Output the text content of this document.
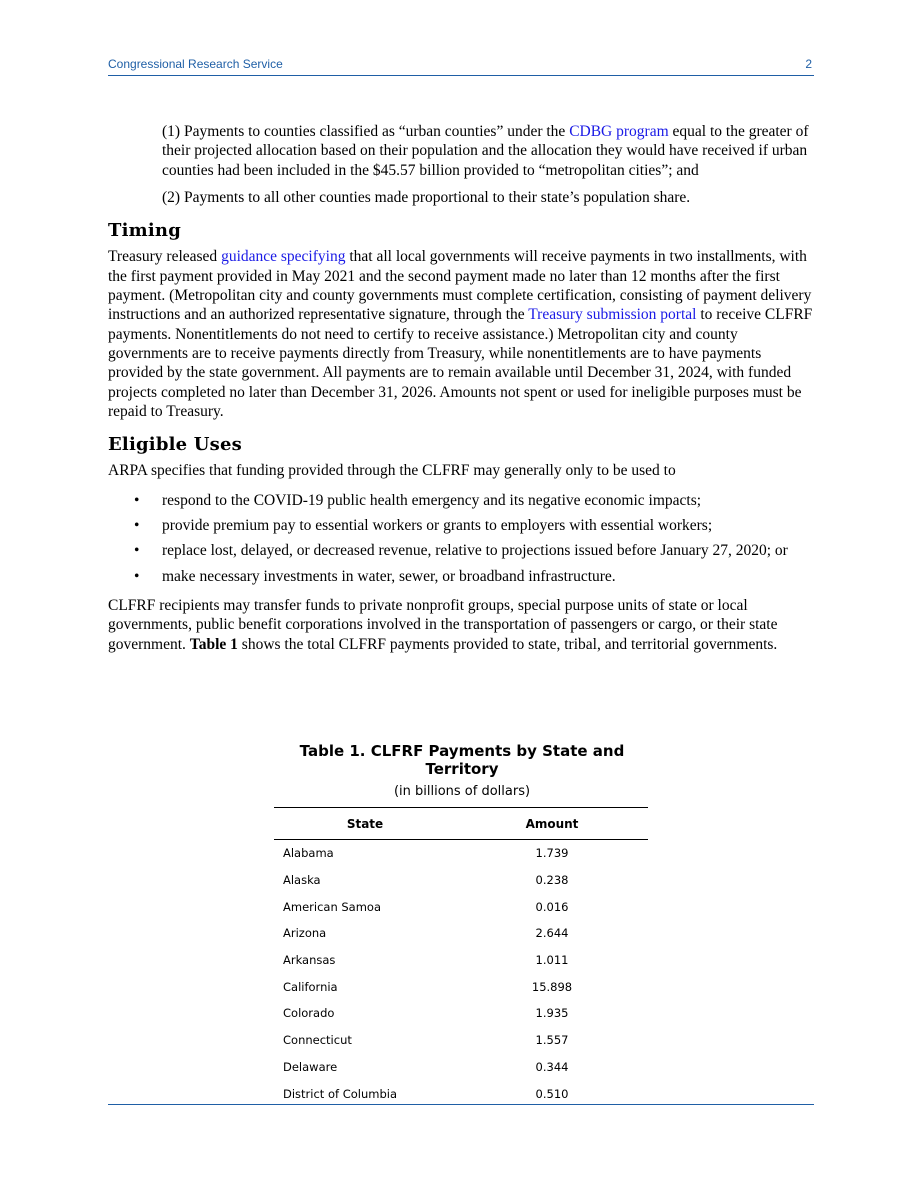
Congressional Research Service	2

(1) Payments to counties classified as “urban counties” under the CDBG program equal to the greater of their projected allocation based on their population and the allocation they would have received if urban counties had been included in the $45.57 billion provided to “metropolitan cities”; and

(2) Payments to all other counties made proportional to their state’s population share.

Timing

Treasury released guidance specifying that all local governments will receive payments in two installments, with the first payment provided in May 2021 and the second payment made no later than 12 months after the first payment. (Metropolitan city and county governments must complete certification, consisting of payment delivery instructions and an authorized representative signature, through the Treasury submission portal to receive CLFRF payments. Nonentitlements do not need to certify to receive assistance.) Metropolitan city and county governments are to receive payments directly from Treasury, while nonentitlements are to have payments provided by the state government. All payments are to remain available until December 31, 2024, with funded projects completed no later than December 31, 2026. Amounts not spent or used for ineligible purposes must be repaid to Treasury.

Eligible Uses

ARPA specifies that funding provided through the CLFRF may generally only to be used to

• respond to the COVID-19 public health emergency and its negative economic impacts;
• provide premium pay to essential workers or grants to employers with essential workers;
• replace lost, delayed, or decreased revenue, relative to projections issued before January 27, 2020; or
• make necessary investments in water, sewer, or broadband infrastructure.

CLFRF recipients may transfer funds to private nonprofit groups, special purpose units of state or local governments, public benefit corporations involved in the transportation of passengers or cargo, or their state government. Table 1 shows the total CLFRF payments provided to state, tribal, and territorial governments.

Table 1. CLFRF Payments by State and Territory
(in billions of dollars)
State	Amount
Alabama	1.739
Alaska	0.238
American Samoa	0.016
Arizona	2.644
Arkansas	1.011
California	15.898
Colorado	1.935
Connecticut	1.557
Delaware	0.344
District of Columbia	0.510
